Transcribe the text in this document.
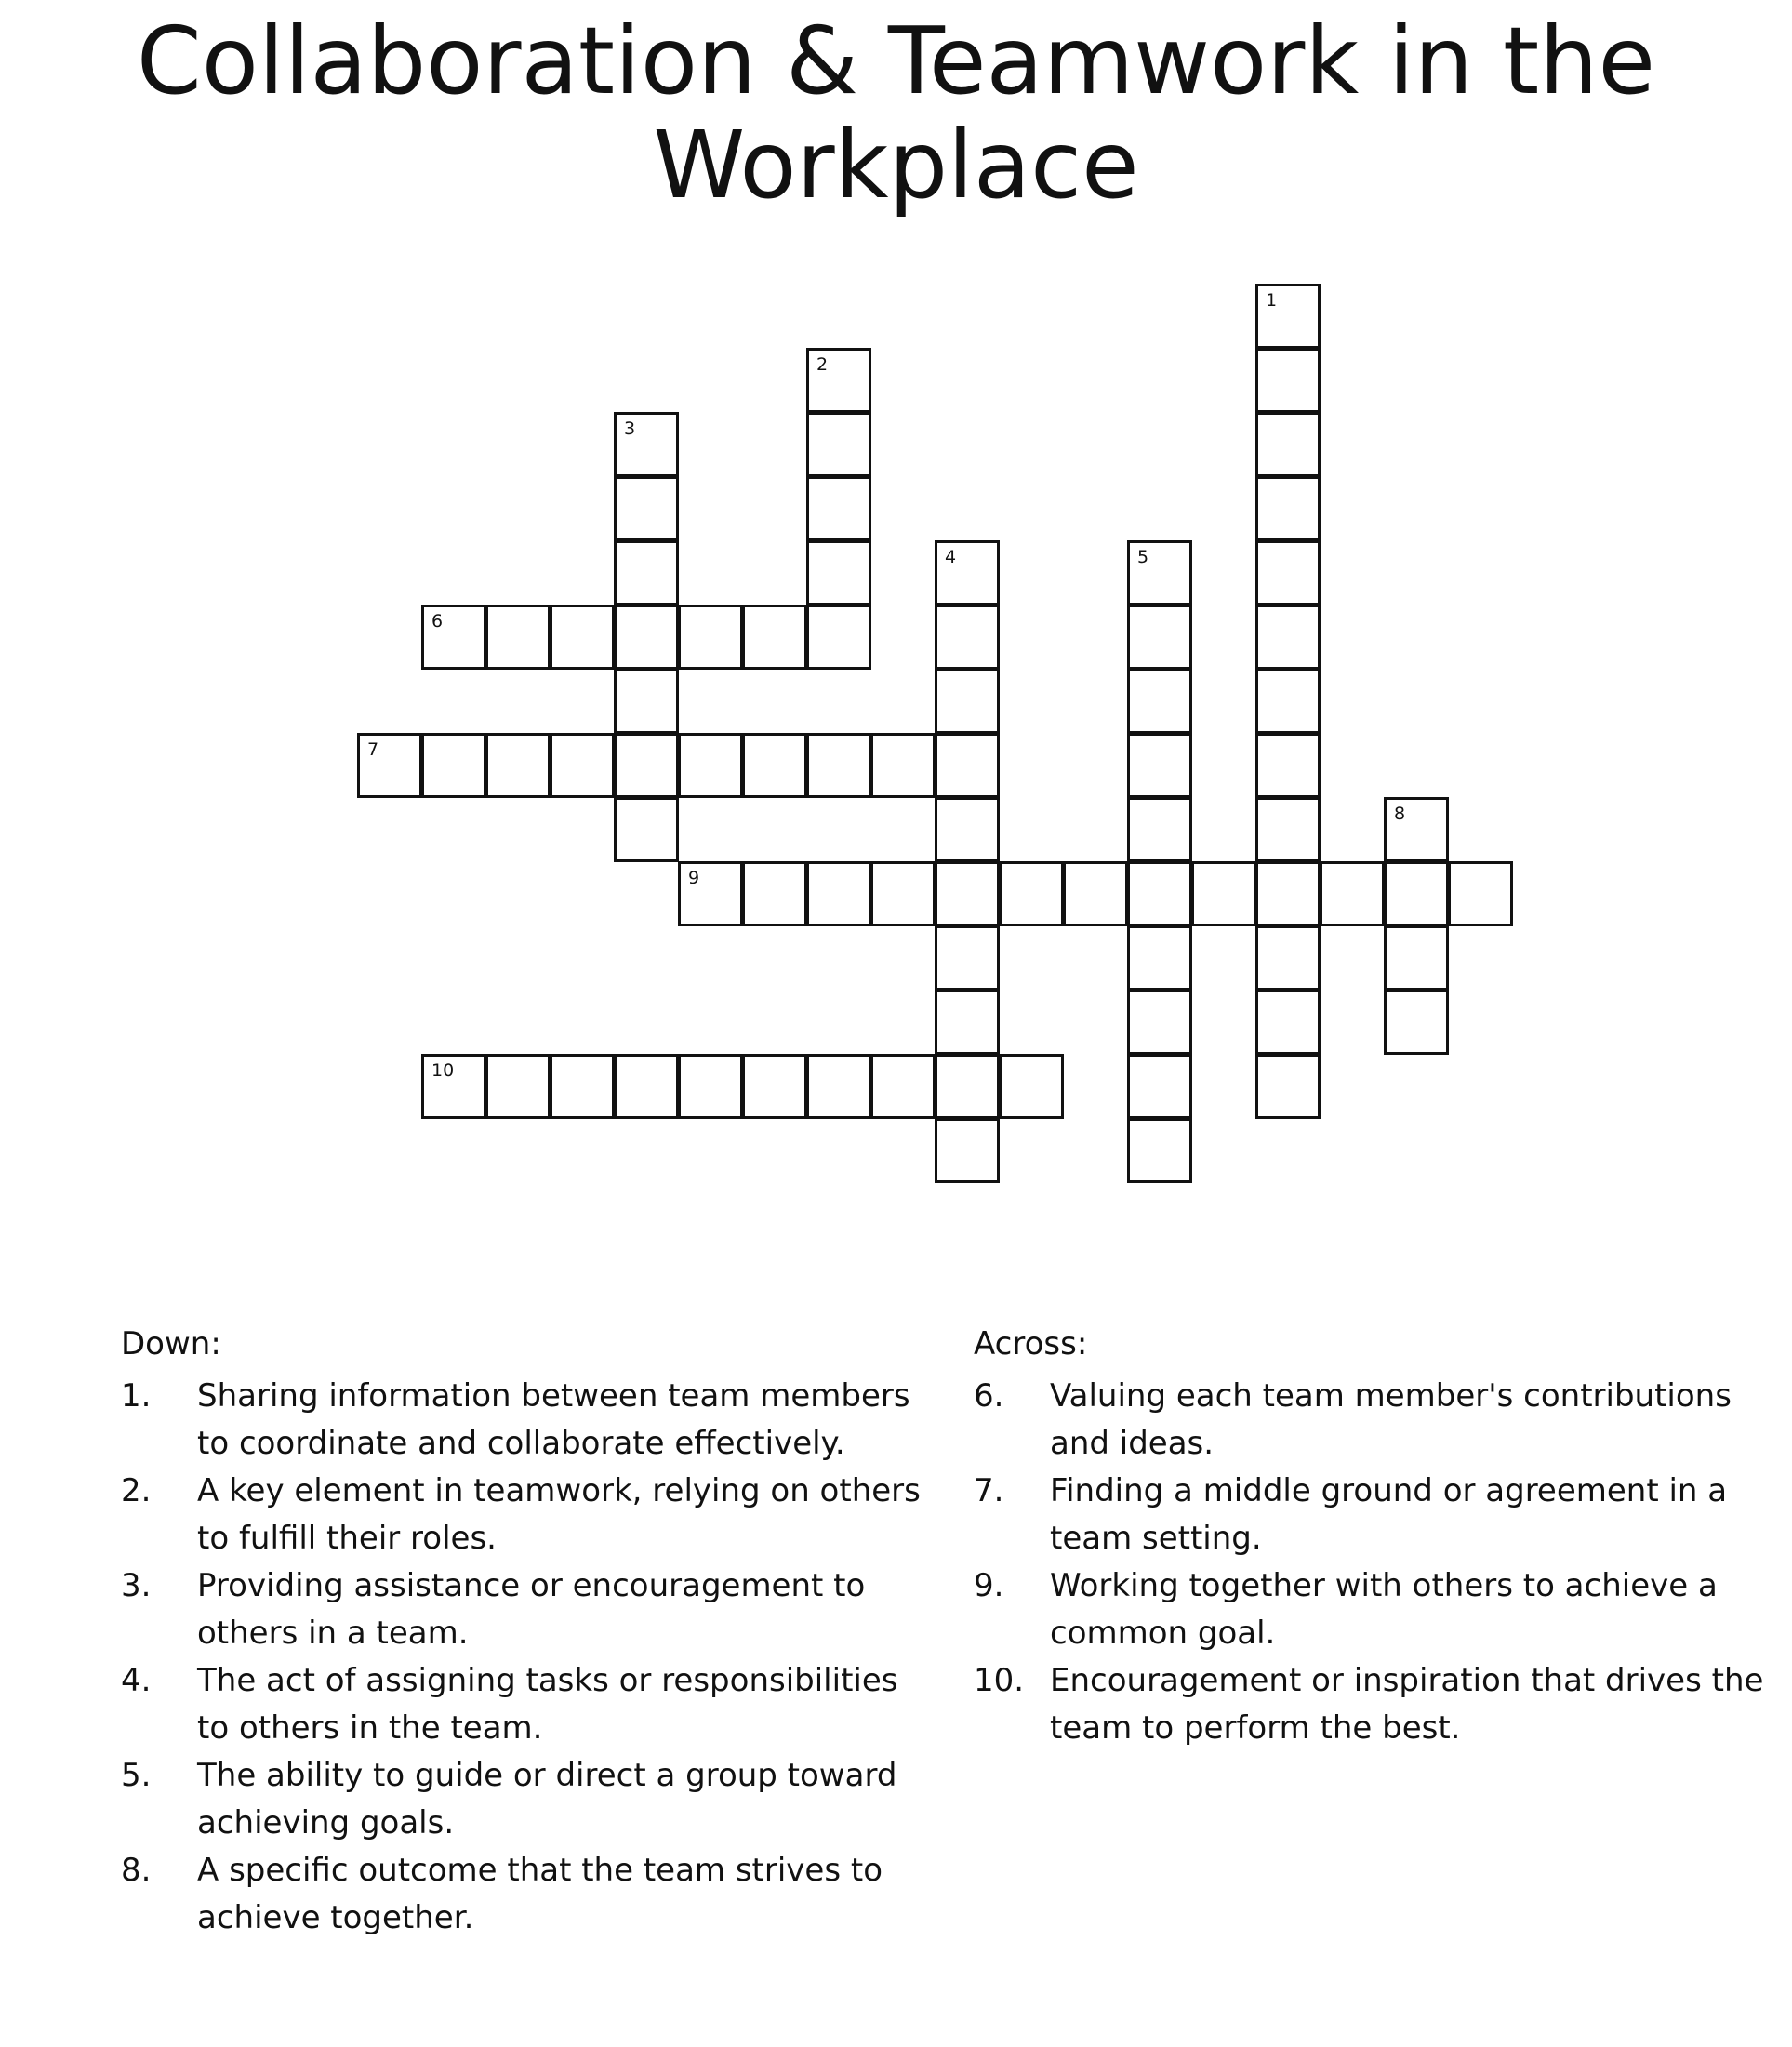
Collaboration & Teamwork in the
Workplace
1
2
3
4	5
6
7
8
9
10
Down:
1. Sharing information between team members to coordinate and collaborate effectively.
2. A key element in teamwork, relying on others to fulfill their roles.
3. Providing assistance or encouragement to others in a team.
4. The act of assigning tasks or responsibilities to others in the team.
5. The ability to guide or direct a group toward achieving goals.
8. A specific outcome that the team strives to achieve together.
Across:
6. Valuing each team member's contributions and ideas.
7. Finding a middle ground or agreement in a team setting.
9. Working together with others to achieve a common goal.
10. Encouragement or inspiration that drives the team to perform the best.
